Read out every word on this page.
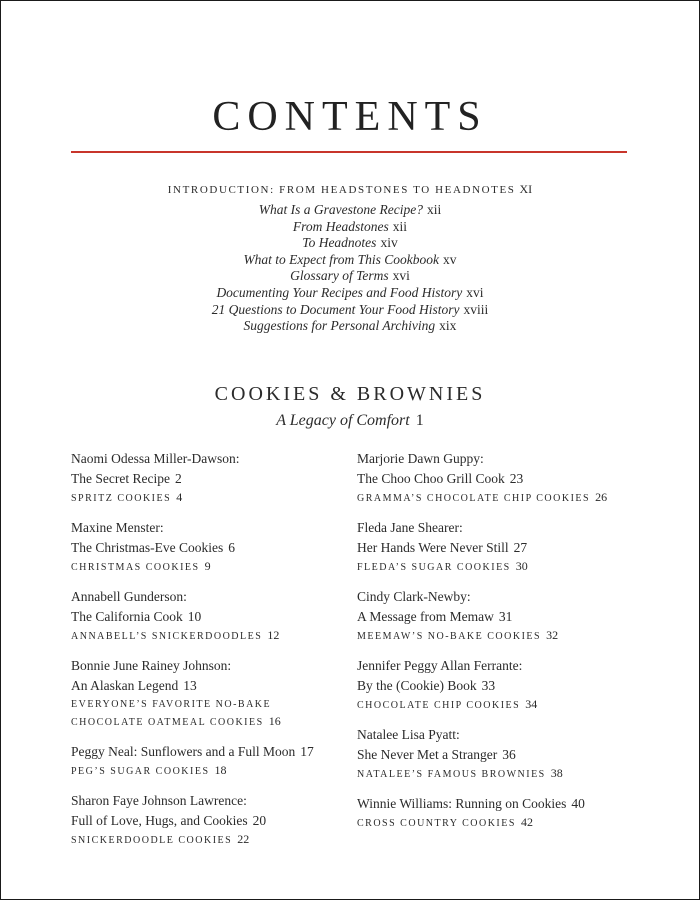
CONTENTS
INTRODUCTION: FROM HEADSTONES TO HEADNOTES XI
What Is a Gravestone Recipe? xii
From Headstones xii
To Headnotes xiv
What to Expect from This Cookbook xv
Glossary of Terms xvi
Documenting Your Recipes and Food History xvi
21 Questions to Document Your Food History xviii
Suggestions for Personal Archiving xix
COOKIES & BROWNIES
A Legacy of Comfort 1
Naomi Odessa Miller-Dawson:
The Secret Recipe 2
SPRITZ COOKIES 4
Maxine Menster:
The Christmas-Eve Cookies 6
CHRISTMAS COOKIES 9
Annabell Gunderson:
The California Cook 10
ANNABELL’S SNICKERDOODLES 12
Bonnie June Rainey Johnson:
An Alaskan Legend 13
EVERYONE’S FAVORITE NO-BAKE
CHOCOLATE OATMEAL COOKIES 16
Peggy Neal: Sunflowers and a Full Moon 17
PEG’S SUGAR COOKIES 18
Sharon Faye Johnson Lawrence:
Full of Love, Hugs, and Cookies 20
SNICKERDOODLE COOKIES 22
Marjorie Dawn Guppy:
The Choo Choo Grill Cook 23
GRAMMA’S CHOCOLATE CHIP COOKIES 26
Fleda Jane Shearer:
Her Hands Were Never Still 27
FLEDA’S SUGAR COOKIES 30
Cindy Clark-Newby:
A Message from Memaw 31
MEEMAW’S NO-BAKE COOKIES 32
Jennifer Peggy Allan Ferrante:
By the (Cookie) Book 33
CHOCOLATE CHIP COOKIES 34
Natalee Lisa Pyatt:
She Never Met a Stranger 36
NATALEE’S FAMOUS BROWNIES 38
Winnie Williams: Running on Cookies 40
CROSS COUNTRY COOKIES 42
